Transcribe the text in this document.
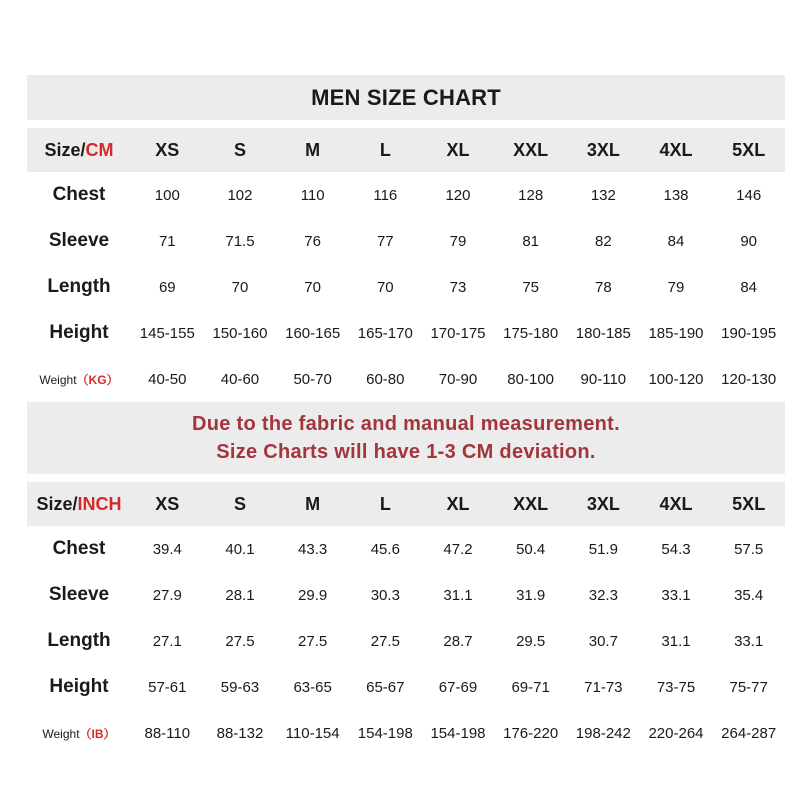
MEN SIZE CHART
Size/CM	XS	S	M	L	XL	XXL	3XL	4XL	5XL
Chest	100	102	110	116	120	128	132	138	146
Sleeve	71	71.5	76	77	79	81	82	84	90
Length	69	70	70	70	73	75	78	79	84
Height	145-155	150-160	160-165	165-170	170-175	175-180	180-185	185-190	190-195
Weight（KG）	40-50	40-60	50-70	60-80	70-90	80-100	90-110	100-120	120-130
Due to the fabric and manual measurement.
Size Charts will have 1-3 CM deviation.
Size/INCH	XS	S	M	L	XL	XXL	3XL	4XL	5XL
Chest	39.4	40.1	43.3	45.6	47.2	50.4	51.9	54.3	57.5
Sleeve	27.9	28.1	29.9	30.3	31.1	31.9	32.3	33.1	35.4
Length	27.1	27.5	27.5	27.5	28.7	29.5	30.7	31.1	33.1
Height	57-61	59-63	63-65	65-67	67-69	69-71	71-73	73-75	75-77
Weight（IB）	88-110	88-132	110-154	154-198	154-198	176-220	198-242	220-264	264-287
